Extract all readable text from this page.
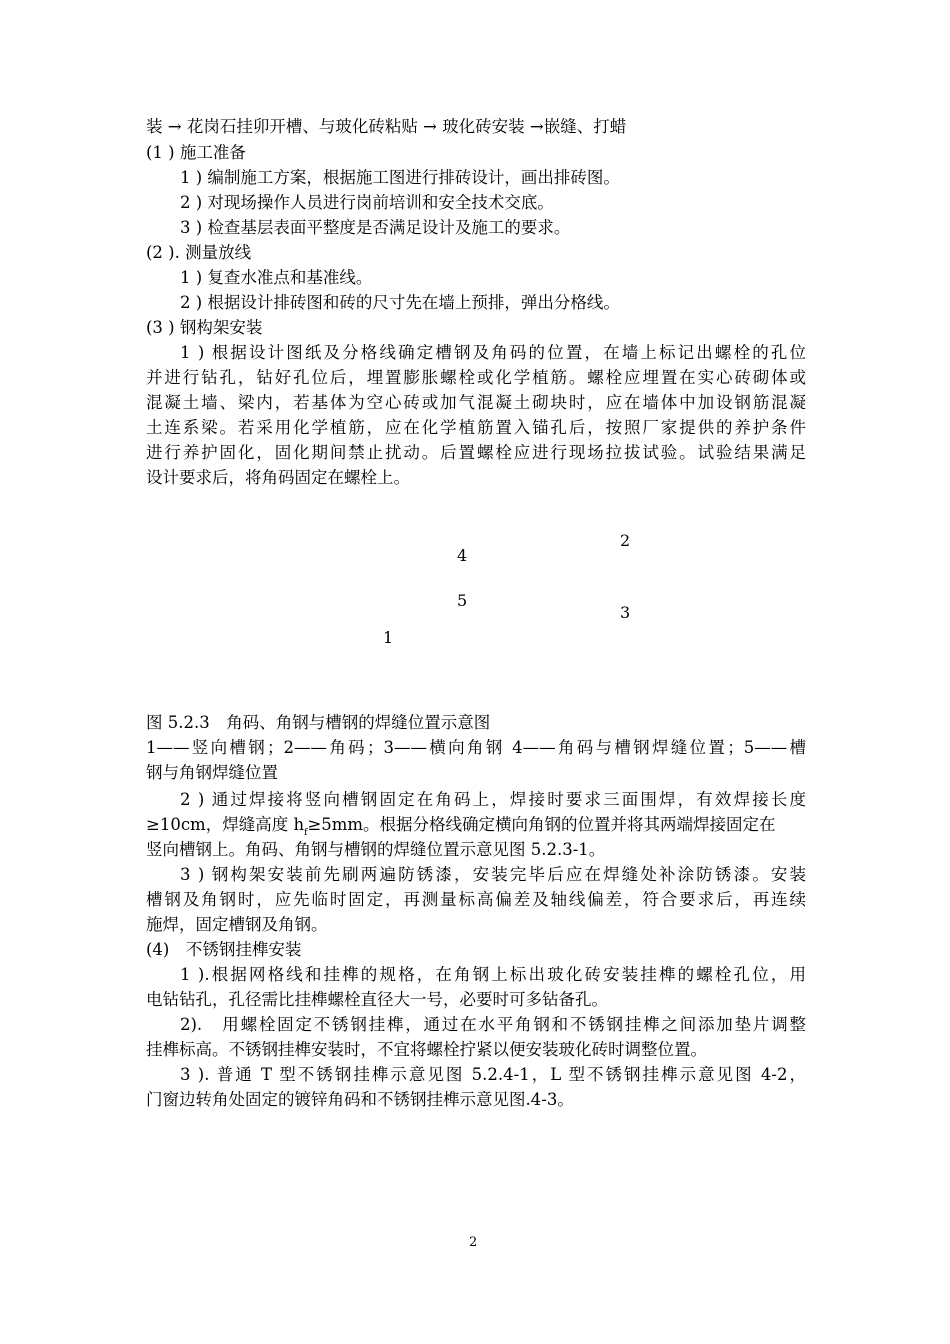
装 → 花岗石挂卯开槽、与玻化砖粘贴 → 玻化砖安装 →嵌缝、打蜡
(1 ) 施工准备
1 ) 编制施工方案，根据施工图进行排砖设计，画出排砖图。
2 ) 对现场操作人员进行岗前培训和安全技术交底。
3 ) 检查基层表面平整度是否满足设计及施工的要求。
(2 ). 测量放线
1 ) 复查水准点和基准线。
2 ) 根据设计排砖图和砖的尺寸先在墙上预排，弹出分格线。
(3 ) 钢构架安装
1 ) 根据设计图纸及分格线确定槽钢及角码的位置，在墙上标记出螺栓的孔位
并进行钻孔，钻好孔位后，埋置膨胀螺栓或化学植筋。螺栓应埋置在实心砖砌体或
混凝土墙、梁内，若基体为空心砖或加气混凝土砌块时，应在墙体中加设钢筋混凝
土连系梁。若采用化学植筋，应在化学植筋置入锚孔后，按照厂家提供的养护条件
进行养护固化，固化期间禁止扰动。后置螺栓应进行现场拉拔试验。试验结果满足
设计要求后，将角码固定在螺栓上。
2
4
5
3
1
图 5.2.3　角码、角钢与槽钢的焊缝位置示意图
1——竖向槽钢；2——角码；3——横向角钢 4——角码与槽钢焊缝位置；5——槽
钢与角钢焊缝位置
2 ) 通过焊接将竖向槽钢固定在角码上，焊接时要求三面围焊，有效焊接长度
≥10cm，焊缝高度 $h_f\ge 5mm$。根据分格线确定横向角钢的位置并将其两端焊接固定在
竖向槽钢上。角码、角钢与槽钢的焊缝位置示意见图 5.2.3-1。
3 ) 钢构架安装前先刷两遍防锈漆，安装完毕后应在焊缝处补涂防锈漆。安装
槽钢及角钢时，应先临时固定，再测量标高偏差及轴线偏差，符合要求后，再连续
施焊，固定槽钢及角钢。
(4)　不锈钢挂榫安装
1 ).根据网格线和挂榫的规格，在角钢上标出玻化砖安装挂榫的螺栓孔位，用
电钻钻孔，孔径需比挂榫螺栓直径大一号，必要时可多钻备孔。
2).　用螺栓固定不锈钢挂榫，通过在水平角钢和不锈钢挂榫之间添加垫片调整
挂榫标高。不锈钢挂榫安装时，不宜将螺栓拧紧以便安装玻化砖时调整位置。
3 ). 普通 T 型不锈钢挂榫示意见图 5.2.4-1，L 型不锈钢挂榫示意见图 4-2，
门窗边转角处固定的镀锌角码和不锈钢挂榫示意见图.4-3。
2
